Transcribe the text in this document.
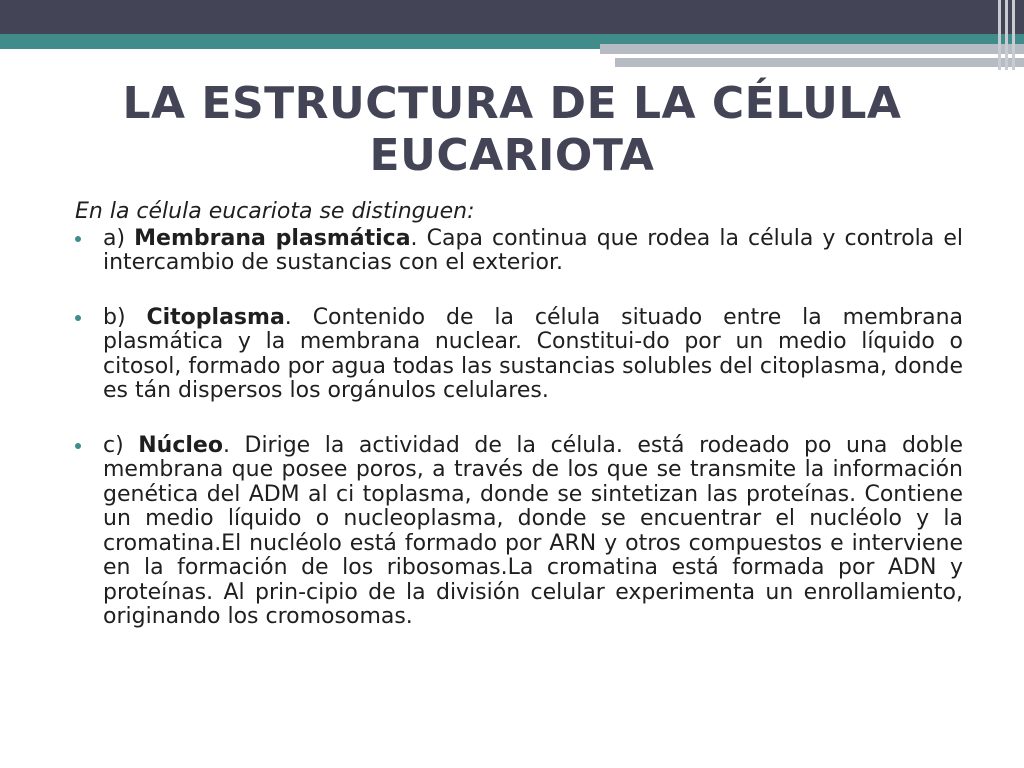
LA ESTRUCTURA DE LA CÉLULA EUCARIOTA

En la célula eucariota se distinguen:

a) Membrana plasmática. Capa continua que rodea la célula y controla el intercambio de sustancias con el exterior.

b) Citoplasma. Contenido de la célula situado entre la membrana plasmática y la membrana nuclear. Constitui-do por un medio líquido o citosol, formado por agua todas las sustancias solubles del citoplasma, donde es tán dispersos los orgánulos celulares.

c) Núcleo. Dirige la actividad de la célula. está rodeado po una doble membrana que posee poros, a través de los que se transmite la información genética del ADM al ci toplasma, donde se sintetizan las proteínas. Contiene un medio líquido o nucleoplasma, donde se encuentrar el nucléolo y la cromatina.El nucléolo está formado por ARN y otros compuestos e interviene en la formación de los ribosomas.La cromatina está formada por ADN y proteínas. Al prin-cipio de la división celular experimenta un enrollamiento, originando los cromosomas.
